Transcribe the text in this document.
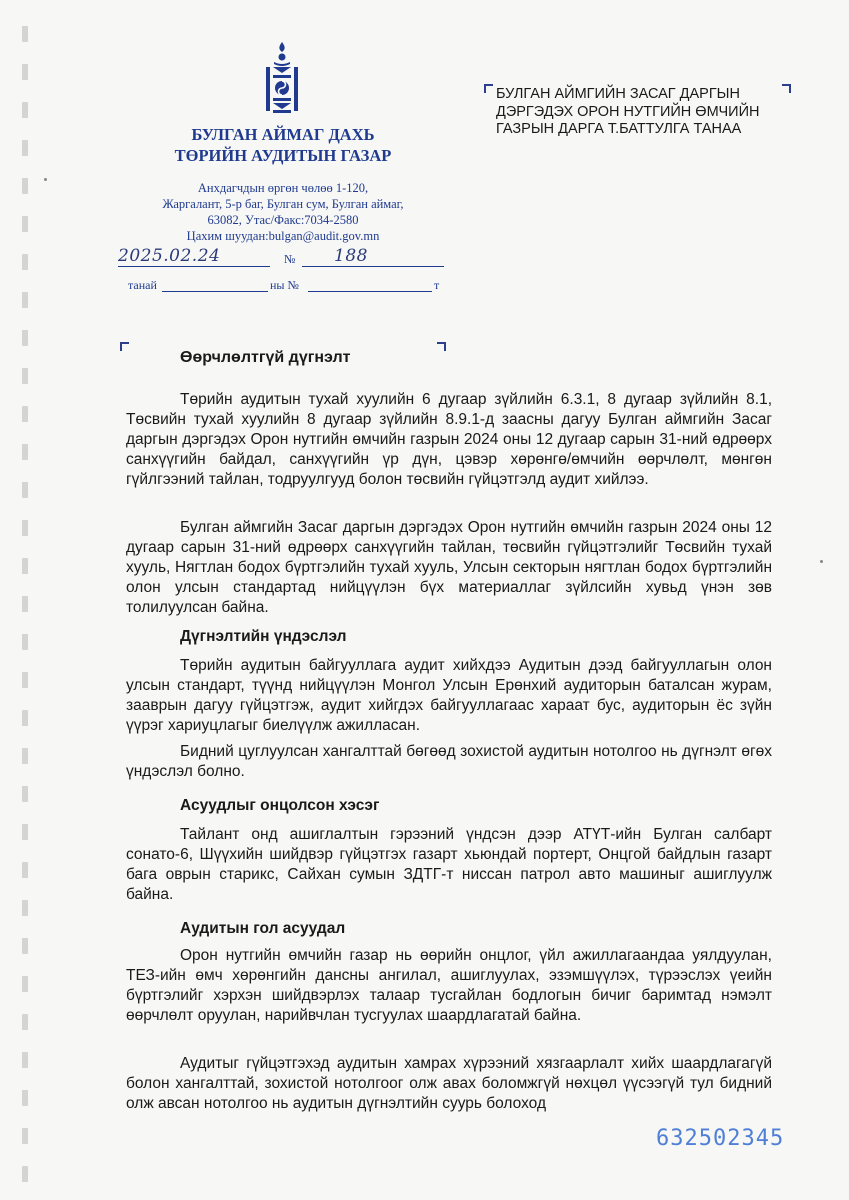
БУЛГАН АЙМАГ ДАХЬ
ТӨРИЙН АУДИТЫН ГАЗАР
Анхдагчдын өргөн чөлөө 1-120,
Жаргалант, 5-р баг, Булган сум, Булган аймаг,
63082, Утас/Факс:7034-2580
Цахим шуудан:bulgan@audit.gov.mn
2025.02.24	№ 188
танай	ны №	т
БУЛГАН АЙМГИЙН ЗАСАГ ДАРГЫН
ДЭРГЭДЭХ ОРОН НУТГИЙН ӨМЧИЙН
ГАЗРЫН ДАРГА Т.БАТТУЛГА ТАНАА
Өөрчлөлтгүй дүгнэлт

Төрийн аудитын тухай хуулийн 6 дугаар зүйлийн 6.3.1, 8 дугаар зүйлийн 8.1, Төсвийн тухай хуулийн 8 дугаар зүйлийн 8.9.1-д заасны дагуу Булган аймгийн Засаг даргын дэргэдэх Орон нутгийн өмчийн газрын 2024 оны 12 дугаар сарын 31-ний өдрөөрх санхүүгийн байдал, санхүүгийн үр дүн, цэвэр хөрөнгө/өмчийн өөрчлөлт, мөнгөн гүйлгээний тайлан, тодруулгууд болон төсвийн гүйцэтгэлд аудит хийлээ.

Булган аймгийн Засаг даргын дэргэдэх Орон нутгийн өмчийн газрын 2024 оны 12 дугаар сарын 31-ний өдрөөрх санхүүгийн тайлан, төсвийн гүйцэтгэлийг Төсвийн тухай хууль, Нягтлан бодох бүртгэлийн тухай хууль, Улсын секторын нягтлан бодох бүртгэлийн олон улсын стандартад нийцүүлэн бүх материаллаг зүйлсийн хувьд үнэн зөв толилуулсан байна.

Дүгнэлтийн үндэслэл

Төрийн аудитын байгууллага аудит хийхдээ Аудитын дээд байгууллагын олон улсын стандарт, түүнд нийцүүлэн Монгол Улсын Ерөнхий аудиторын баталсан журам, зааврын дагуу гүйцэтгэж, аудит хийгдэх байгууллагаас хараат бус, аудиторын ёс зүйн үүрэг хариуцлагыг биелүүлж ажилласан.

Бидний цуглуулсан хангалттай бөгөөд зохистой аудитын нотолгоо нь дүгнэлт өгөх үндэслэл болно.

Асуудлыг онцолсон хэсэг

Тайлант онд ашиглалтын гэрээний үндсэн дээр АТҮТ-ийн Булган салбарт сонато-6, Шүүхийн шийдвэр гүйцэтгэх газарт хьюндай портерт, Онцгой байдлын газарт бага оврын старикс, Сайхан сумын ЗДТГ-т ниссан патрол авто машиныг ашиглуулж байна.

Аудитын гол асуудал

Орон нутгийн өмчийн газар нь өөрийн онцлог, үйл ажиллагаандаа уялдуулан, ТЕЗ-ийн өмч хөрөнгийн дансны ангилал, ашиглуулах, эзэмшүүлэх, түрээслэх үеийн бүртгэлийг хэрхэн шийдвэрлэх талаар тусгайлан бодлогын бичиг баримтад нэмэлт өөрчлөлт оруулан, нарийвчлан тусгуулах шаардлагатай байна.

Аудитыг гүйцэтгэхэд аудитын хамрах хүрээний хязгаарлалт хийх шаардлагагүй болон хангалттай, зохистой нотолгоог олж авах боломжгүй нөхцөл үүсээгүй тул бидний олж авсан нотолгоо нь аудитын дүгнэлтийн суурь болоход

632502345
